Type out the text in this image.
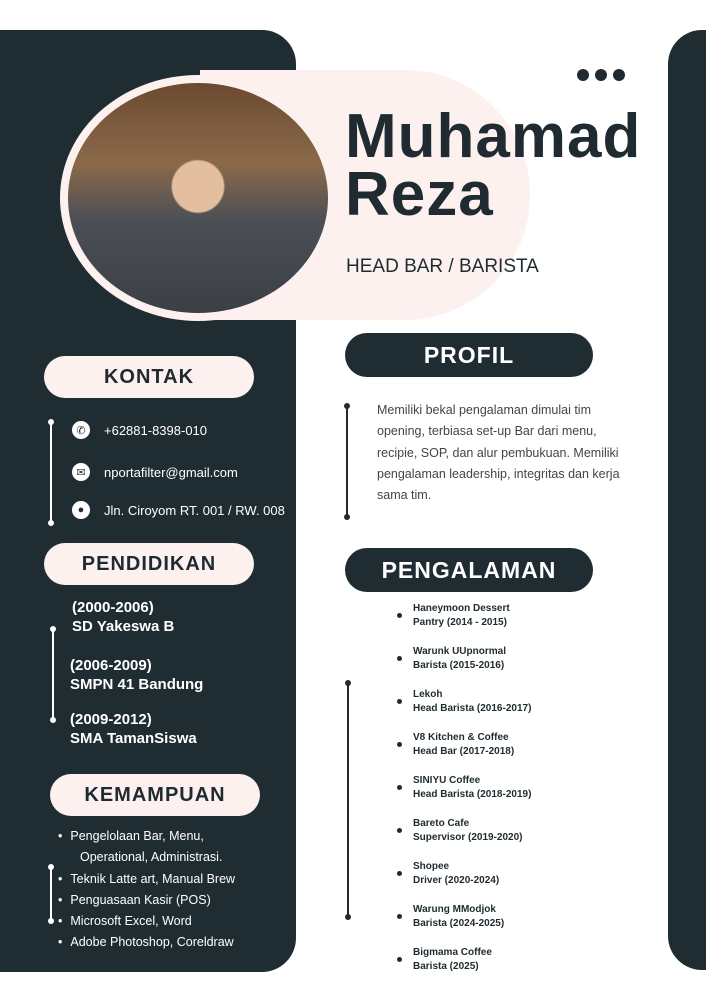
Muhamad
Reza
HEAD BAR / BARISTA
KONTAK
✆	+62881-8398-010
✉	nportafilter@gmail.com
●	Jln. Ciroyom RT. 001 / RW. 008
PENDIDIKAN
(2000-2006)
SD Yakeswa B
(2006-2009)
SMPN 41 Bandung
(2009-2012)
SMA TamanSiswa
KEMAMPUAN
• Pengelolaan Bar, Menu,
Operational, Administrasi.
• Teknik Latte art, Manual Brew
• Penguasaan Kasir (POS)
• Microsoft Excel, Word
• Adobe Photoshop, Coreldraw
PROFIL
Memiliki bekal pengalaman dimulai tim opening, terbiasa set-up Bar dari menu, recipie, SOP, dan alur pembukuan. Memiliki pengalaman leadership, integritas dan kerja sama tim.
PENGALAMAN
Haneymoon Dessert
Pantry (2014 - 2015)
Warunk UUpnormal
Barista (2015-2016)
Lekoh
Head Barista (2016-2017)
V8 Kitchen & Coffee
Head Bar (2017-2018)
SINIYU Coffee
Head Barista (2018-2019)
Bareto Cafe
Supervisor (2019-2020)
Shopee
Driver (2020-2024)
Warung MModjok
Barista (2024-2025)
Bigmama Coffee
Barista (2025)
